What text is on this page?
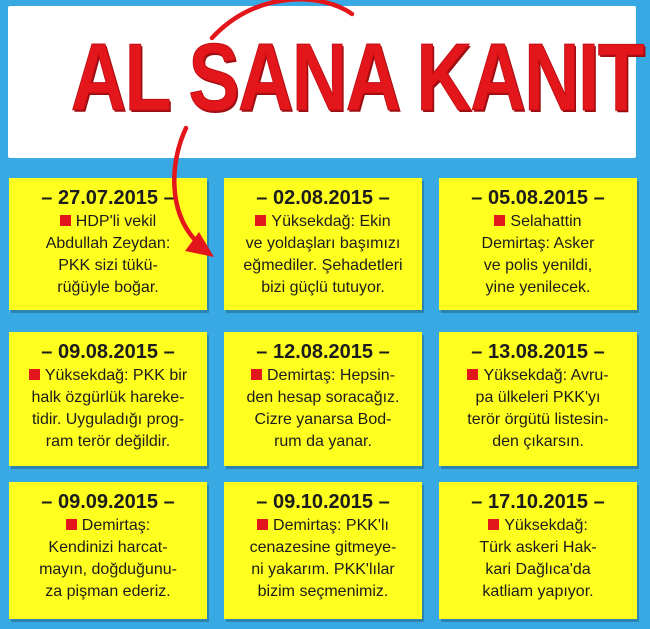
AL SANA KANIT
– 27.07.2015 –
HDP'li vekil
Abdullah Zeydan:
PKK sizi tükü-
rüğüyle boğar.
– 02.08.2015 –
Yüksekdağ: Ekin
ve yoldaşları başımızı
eğmediler. Şehadetleri
bizi güçlü tutuyor.
– 05.08.2015 –
Selahattin
Demirtaş: Asker
ve polis yenildi,
yine yenilecek.
– 09.08.2015 –
Yüksekdağ: PKK bir
halk özgürlük hareke-
tidir. Uyguladığı prog-
ram terör değildir.
– 12.08.2015 –
Demirtaş: Hepsin-
den hesap soracağız.
Cizre yanarsa Bod-
rum da yanar.
– 13.08.2015 –
Yüksekdağ: Avru-
pa ülkeleri PKK'yı
terör örgütü listesin-
den çıkarsın.
– 09.09.2015 –
Demirtaş:
Kendinizi harcat-
mayın, doğduğunu-
za pişman ederiz.
– 09.10.2015 –
Demirtaş: PKK'lı
cenazesine gitmeye-
ni yakarım. PKK'lılar
bizim seçmenimiz.
– 17.10.2015 –
Yüksekdağ:
Türk askeri Hak-
kari Dağlıca'da
katliam yapıyor.
